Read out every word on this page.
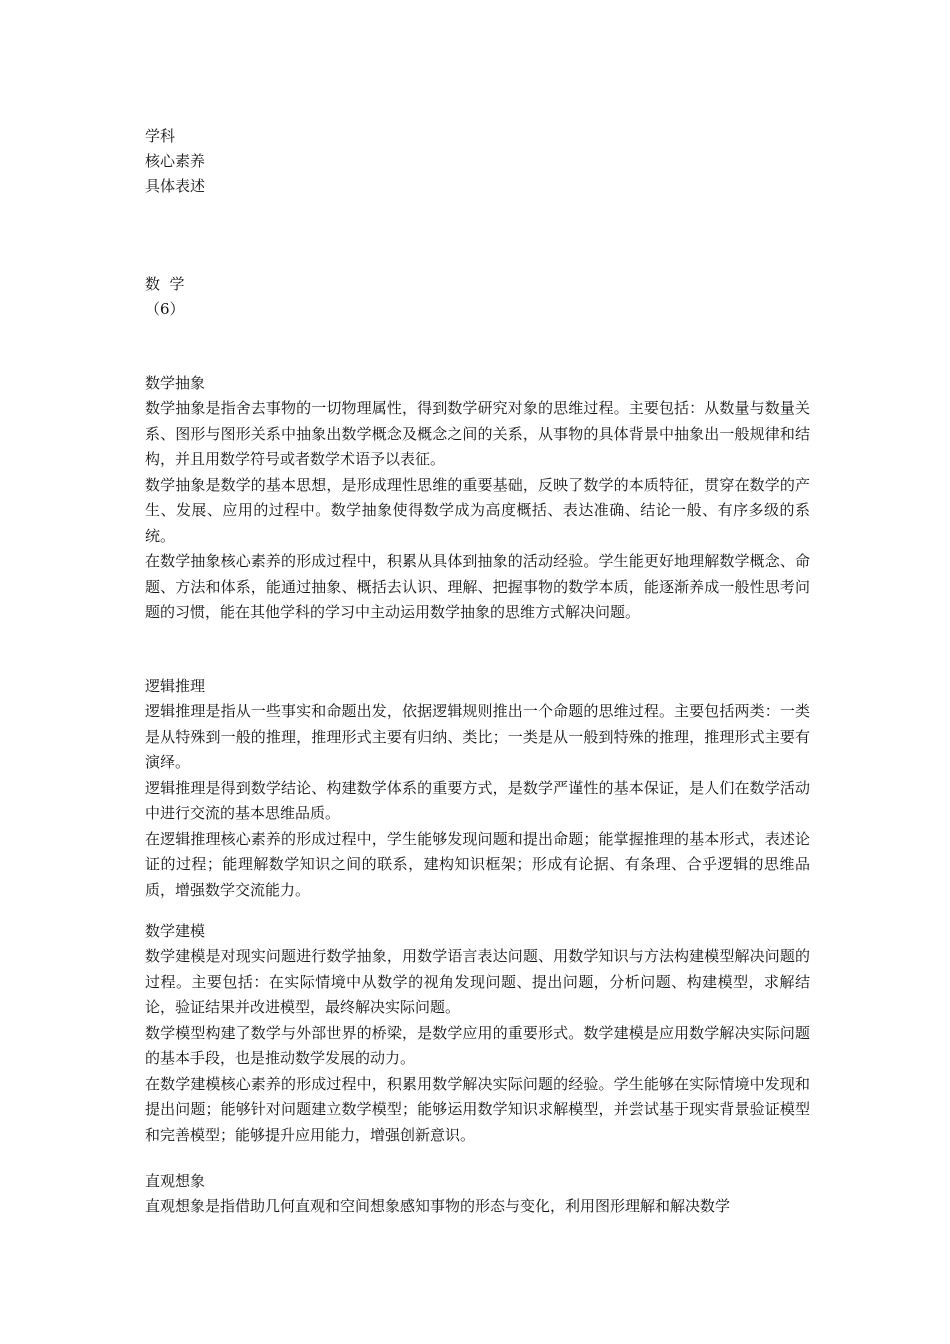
学科

核心素养

具体表述

数  学

（6）

数学抽象

数学抽象是指舍去事物的一切物理属性，得到数学研究对象的思维过程。主要包括：从数量与数量关系、图形与图形关系中抽象出数学概念及概念之间的关系，从事物的具体背景中抽象出一般规律和结构，并且用数学符号或者数学术语予以表征。

数学抽象是数学的基本思想，是形成理性思维的重要基础，反映了数学的本质特征，贯穿在数学的产生、发展、应用的过程中。数学抽象使得数学成为高度概括、表达准确、结论一般、有序多级的系统。

在数学抽象核心素养的形成过程中，积累从具体到抽象的活动经验。学生能更好地理解数学概念、命题、方法和体系，能通过抽象、概括去认识、理解、把握事物的数学本质，能逐渐养成一般性思考问题的习惯，能在其他学科的学习中主动运用数学抽象的思维方式解决问题。

逻辑推理

逻辑推理是指从一些事实和命题出发，依据逻辑规则推出一个命题的思维过程。主要包括两类：一类是从特殊到一般的推理，推理形式主要有归纳、类比；一类是从一般到特殊的推理，推理形式主要有演绎。

逻辑推理是得到数学结论、构建数学体系的重要方式，是数学严谨性的基本保证，是人们在数学活动中进行交流的基本思维品质。

在逻辑推理核心素养的形成过程中，学生能够发现问题和提出命题；能掌握推理的基本形式，表述论证的过程；能理解数学知识之间的联系，建构知识框架；形成有论据、有条理、合乎逻辑的思维品质，增强数学交流能力。

数学建模

数学建模是对现实问题进行数学抽象，用数学语言表达问题、用数学知识与方法构建模型解决问题的过程。主要包括：在实际情境中从数学的视角发现问题、提出问题，分析问题、构建模型，求解结论，验证结果并改进模型，最终解决实际问题。

数学模型构建了数学与外部世界的桥梁，是数学应用的重要形式。数学建模是应用数学解决实际问题的基本手段，也是推动数学发展的动力。

在数学建模核心素养的形成过程中，积累用数学解决实际问题的经验。学生能够在实际情境中发现和提出问题；能够针对问题建立数学模型；能够运用数学知识求解模型，并尝试基于现实背景验证模型和完善模型；能够提升应用能力，增强创新意识。

直观想象

直观想象是指借助几何直观和空间想象感知事物的形态与变化，利用图形理解和解决数学
